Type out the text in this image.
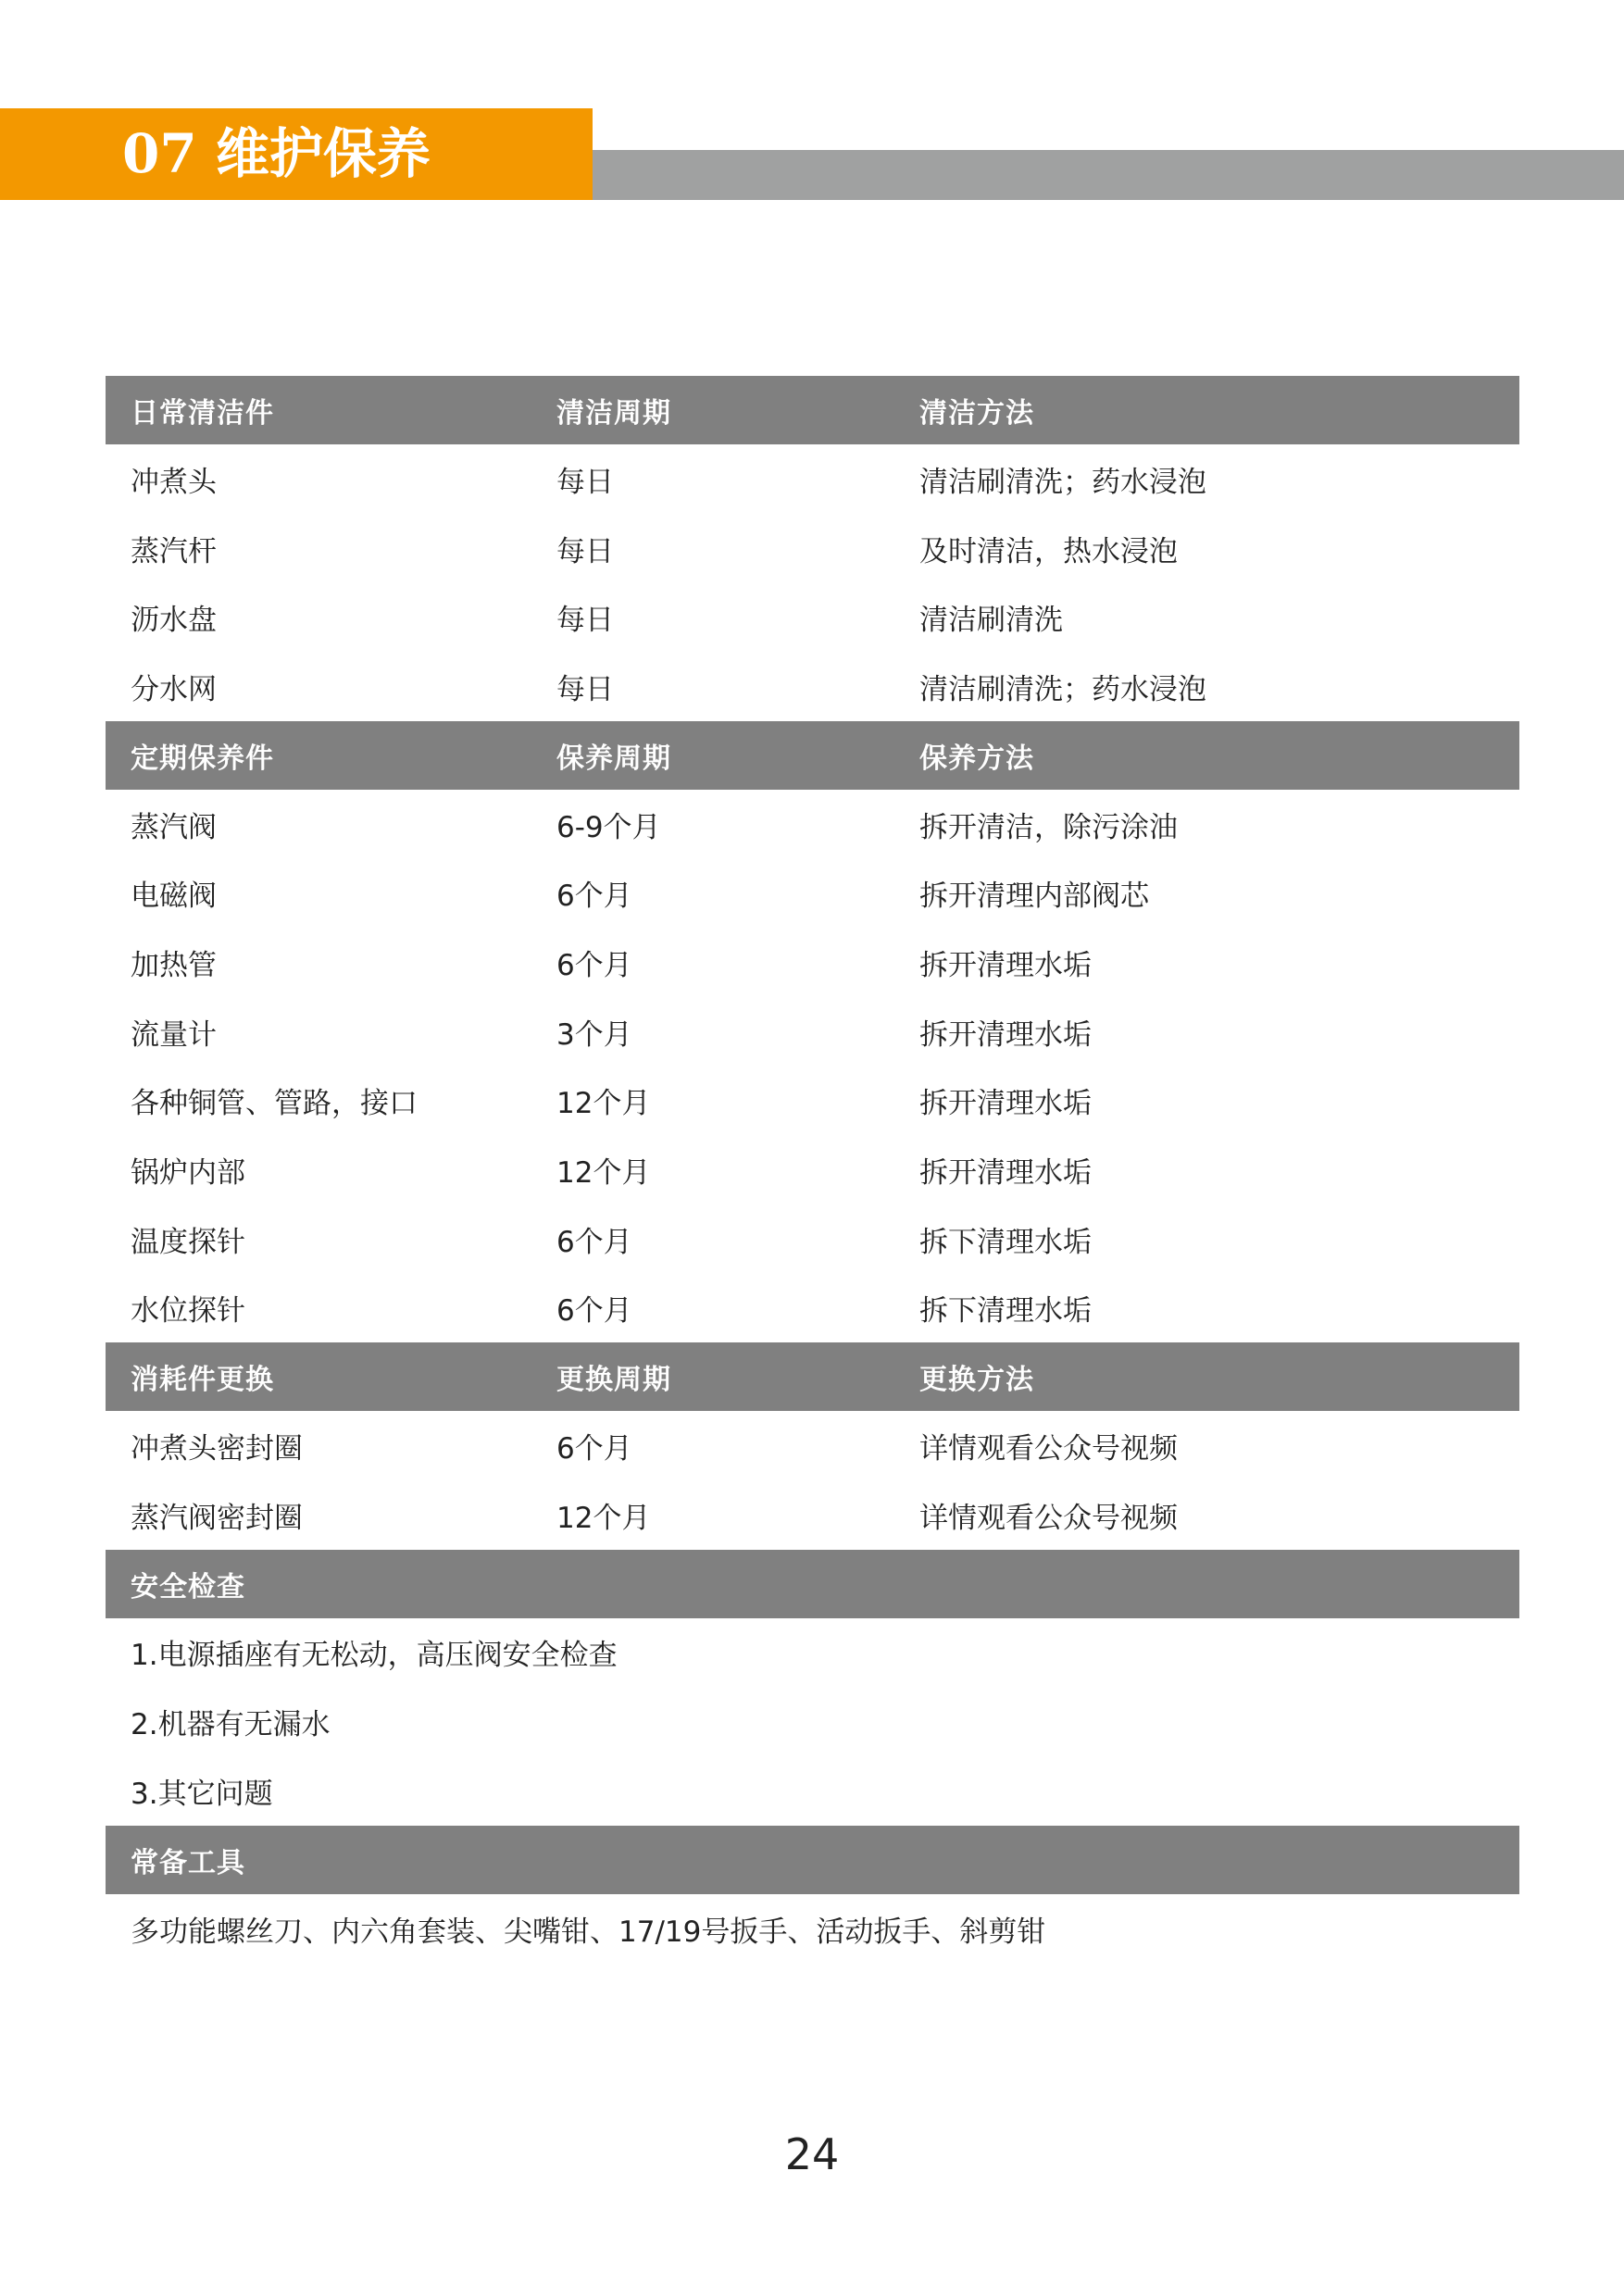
07 维护保养
日常清洁件	清洁周期	清洁方法
冲煮头	每日	清洁刷清洗；药水浸泡
蒸汽杆	每日	及时清洁，热水浸泡
沥水盘	每日	清洁刷清洗
分水网	每日	清洁刷清洗；药水浸泡
定期保养件	保养周期	保养方法
蒸汽阀	6-9个月	拆开清洁，除污涂油
电磁阀	6个月	拆开清理内部阀芯
加热管	6个月	拆开清理水垢
流量计	3个月	拆开清理水垢
各种铜管、管路，接口	12个月	拆开清理水垢
锅炉内部	12个月	拆开清理水垢
温度探针	6个月	拆下清理水垢
水位探针	6个月	拆下清理水垢
消耗件更换	更换周期	更换方法
冲煮头密封圈	6个月	详情观看公众号视频
蒸汽阀密封圈	12个月	详情观看公众号视频
安全检查
1.电源插座有无松动，高压阀安全检查
2.机器有无漏水
3.其它问题
常备工具
多功能螺丝刀、内六角套装、尖嘴钳、17/19号扳手、活动扳手、斜剪钳
24
